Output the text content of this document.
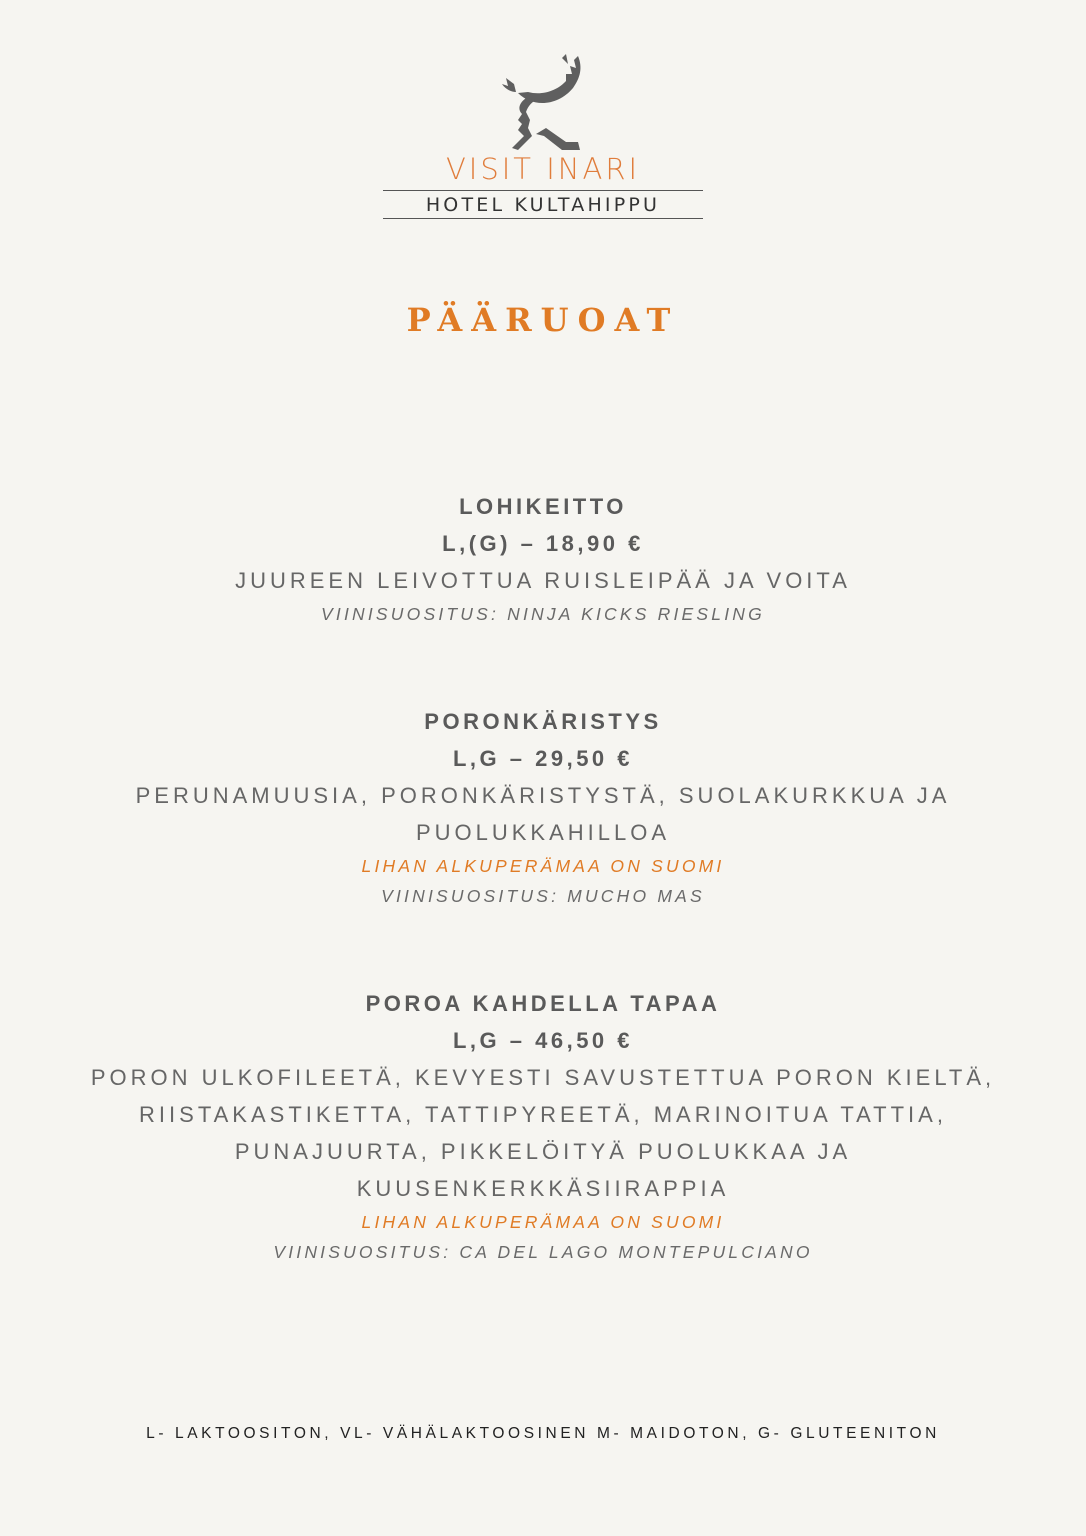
VISIT INARI
HOTEL KULTAHIPPU
PÄÄRUOAT
LOHIKEITTO
L,(G) – 18,90 €
JUUREEN LEIVOTTUA RUISLEIPÄÄ JA VOITA
VIINISUOSITUS: NINJA KICKS RIESLING
PORONKÄRISTYS
L,G – 29,50 €
PERUNAMUUSIA, PORONKÄRISTYSTÄ, SUOLAKURKKUA JA
PUOLUKKAHILLOA
LIHAN ALKUPERÄMAA ON SUOMI
VIINISUOSITUS: MUCHO MAS
POROA KAHDELLA TAPAA
L,G – 46,50 €
PORON ULKOFILEETÄ, KEVYESTI SAVUSTETTUA PORON KIELTÄ,
RIISTAKASTIKETTA, TATTIPYREETÄ, MARINOITUA TATTIA,
PUNAJUURTA, PIKKELÖITYÄ PUOLUKKAA JA
KUUSENKERKKÄSIIRAPPIA
LIHAN ALKUPERÄMAA ON SUOMI
VIINISUOSITUS: CA DEL LAGO MONTEPULCIANO
L- LAKTOOSITON, VL- VÄHÄLAKTOOSINEN M- MAIDOTON, G- GLUTEENITON
